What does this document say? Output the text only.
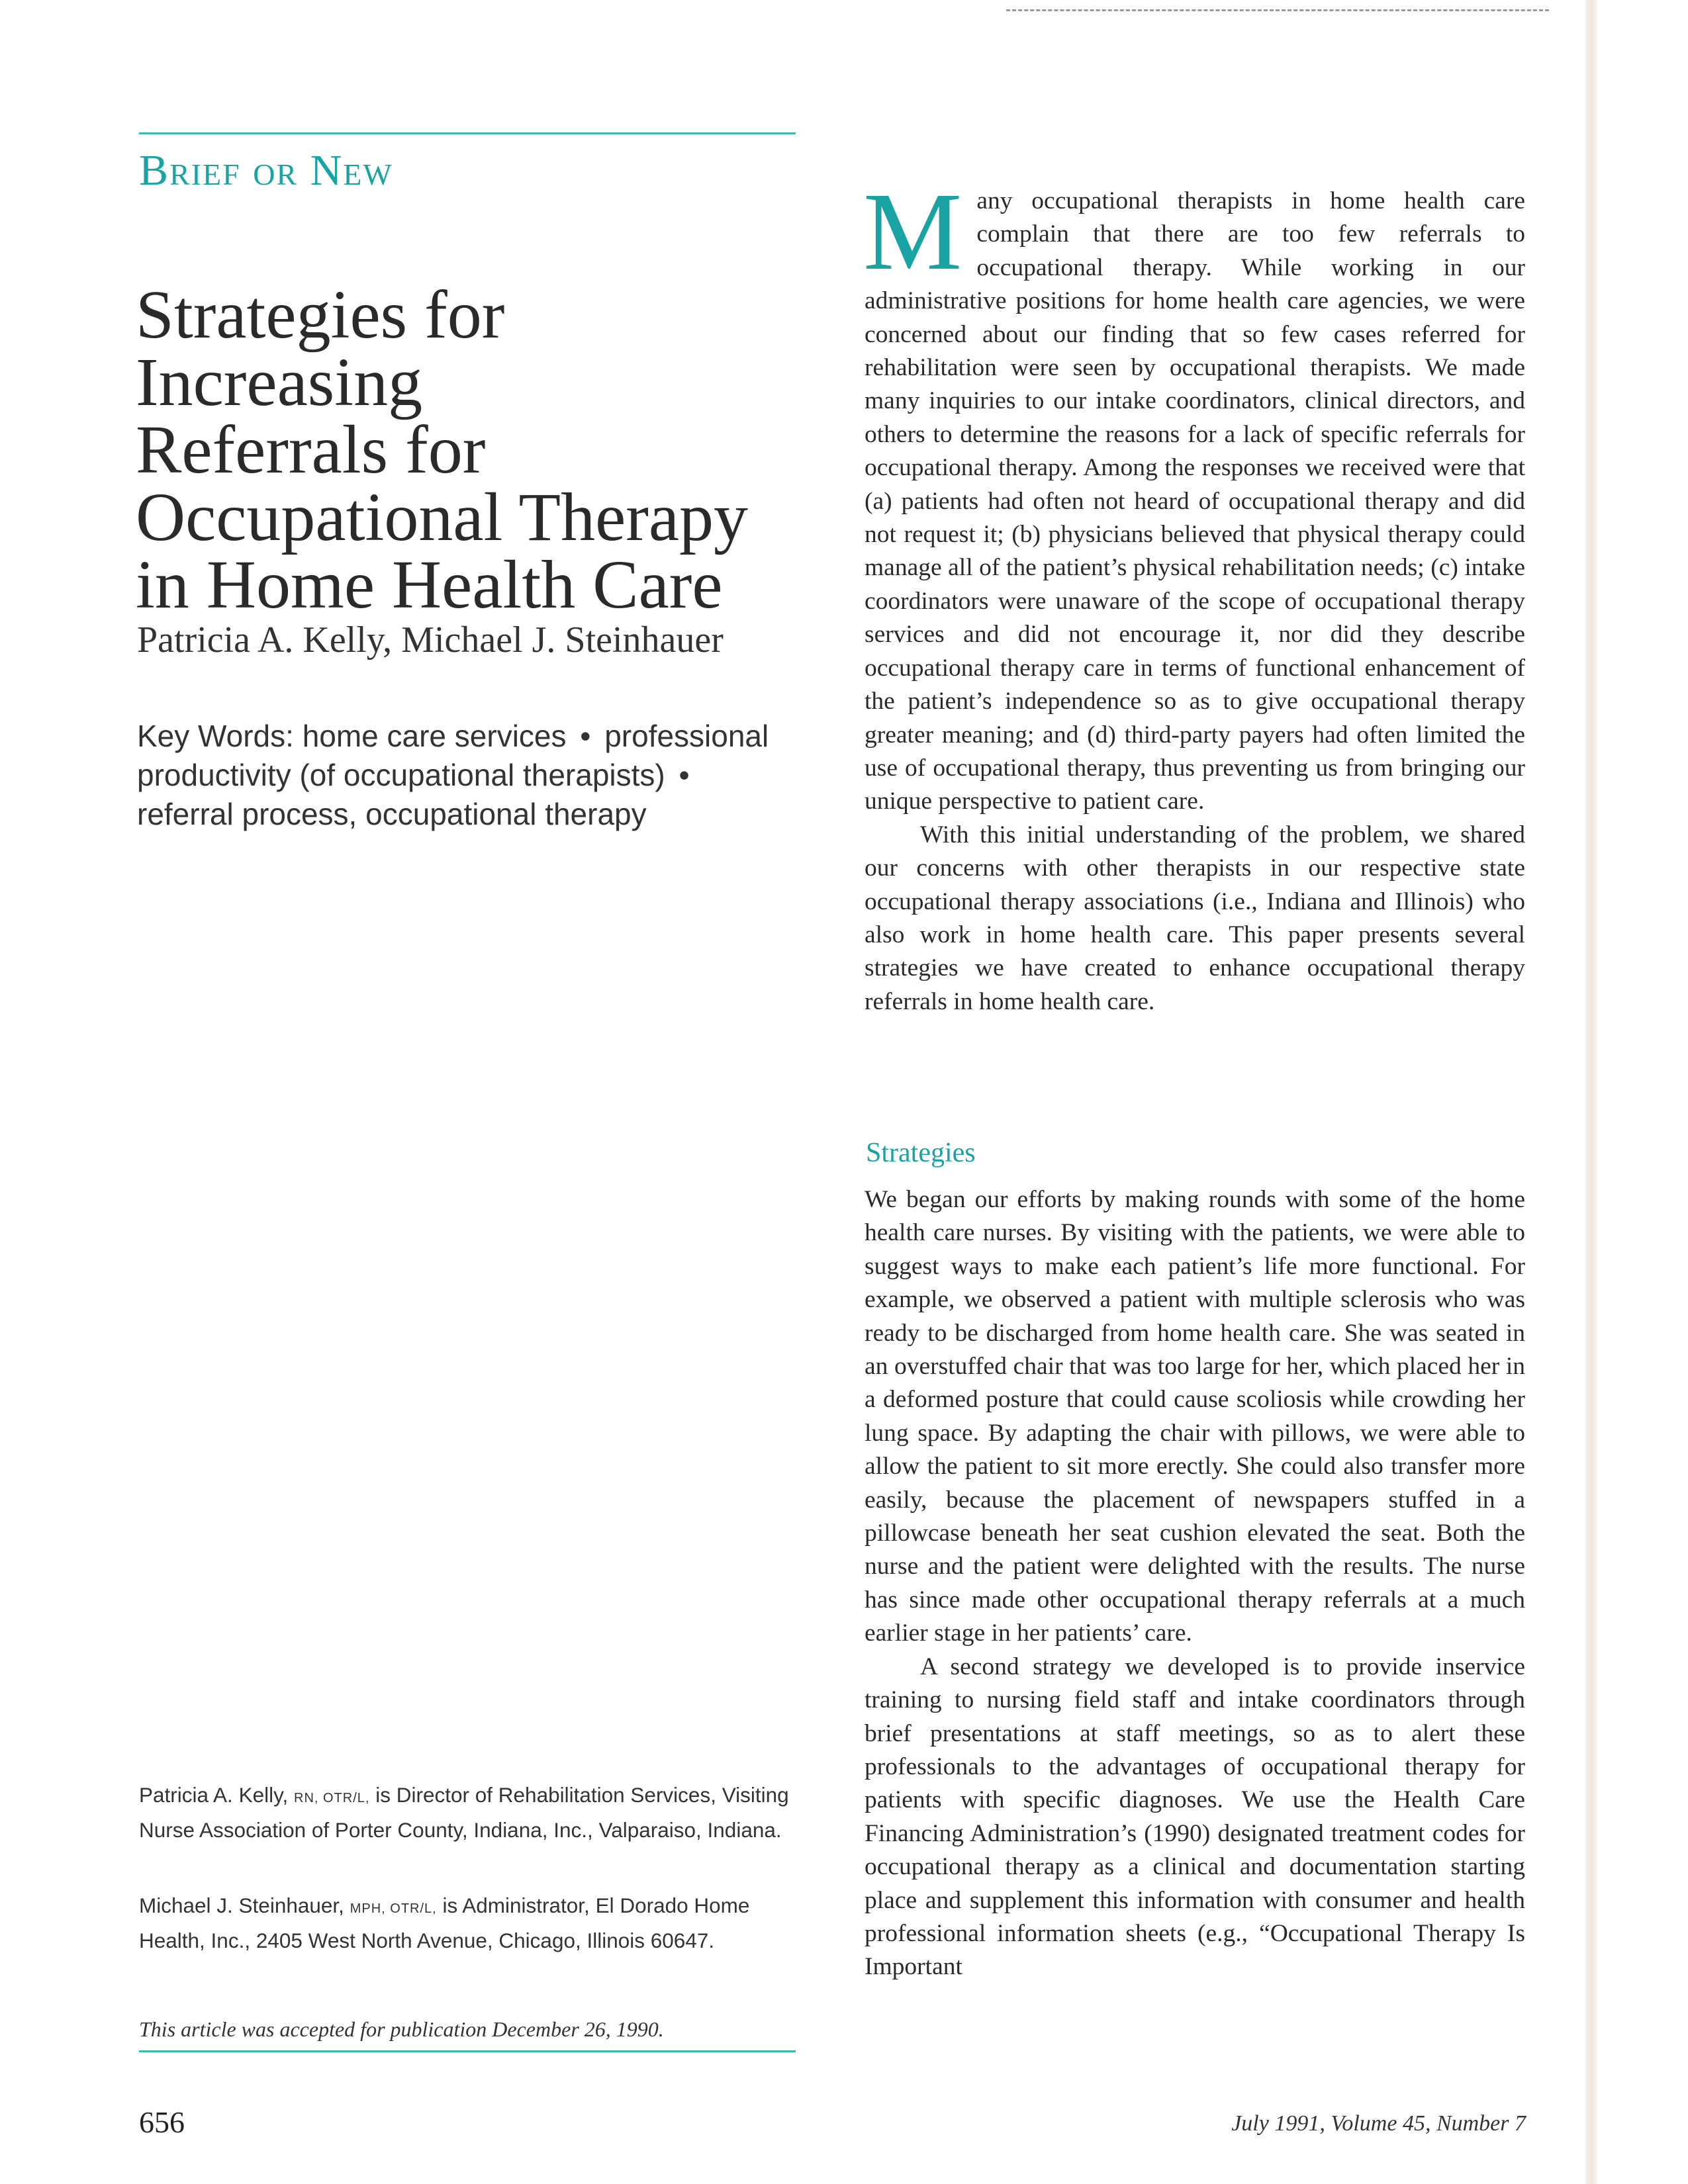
Brief or New
Strategies for Increasing
Referrals for
Occupational Therapy
in Home Health Care

Patricia A. Kelly, Michael J. Steinhauer

Key Words: home care services • professional productivity (of occupational therapists) • referral process, occupational therapy

Patricia A. Kelly, RN, OTR/L, is Director of Rehabilitation Services, Visiting Nurse Association of Porter County, Indiana, Inc., Valparaiso, Indiana.

Michael J. Steinhauer, MPH, OTR/L, is Administrator, El Dorado Home Health, Inc., 2405 West North Avenue, Chicago, Illinois 60647.

This article was accepted for publication December 26, 1990.

M any occupational therapists in home health care complain that there are too few referrals to occupational therapy. While working in our administrative positions for home health care agencies, we were concerned about our finding that so few cases referred for rehabilitation were seen by occupational therapists. We made many inquiries to our intake coordinators, clinical directors, and others to determine the reasons for a lack of specific referrals for occupational therapy. Among the responses we received were that (a) patients had often not heard of occupational therapy and did not request it; (b) physicians believed that physical therapy could manage all of the patient’s physical rehabilitation needs; (c) intake coordinators were unaware of the scope of occupational therapy services and did not encourage it, nor did they describe occupational therapy care in terms of functional enhancement of the patient’s independence so as to give occupational therapy greater meaning; and (d) third-party payers had often limited the use of occupational therapy, thus preventing us from bringing our unique perspective to patient care.

With this initial understanding of the problem, we shared our concerns with other therapists in our respective state occupational therapy associations (i.e., Indiana and Illinois) who also work in home health care. This paper presents several strategies we have created to enhance occupational therapy referrals in home health care.

Strategies

We began our efforts by making rounds with some of the home health care nurses. By visiting with the patients, we were able to suggest ways to make each patient’s life more functional. For example, we observed a patient with multiple sclerosis who was ready to be discharged from home health care. She was seated in an overstuffed chair that was too large for her, which placed her in a deformed posture that could cause scoliosis while crowding her lung space. By adapting the chair with pillows, we were able to allow the patient to sit more erectly. She could also transfer more easily, because the placement of newspapers stuffed in a pillowcase beneath her seat cushion elevated the seat. Both the nurse and the patient were delighted with the results. The nurse has since made other occupational therapy referrals at a much earlier stage in her patients’ care.

A second strategy we developed is to provide inservice training to nursing field staff and intake coordinators through brief presentations at staff meetings, so as to alert these professionals to the advantages of occupational therapy for patients with specific diagnoses. We use the Health Care Financing Administration’s (1990) designated treatment codes for occupational therapy as a clinical and documentation starting place and supplement this information with consumer and health professional information sheets (e.g., “Occupational Therapy Is Important

656	July 1991, Volume 45, Number 7
